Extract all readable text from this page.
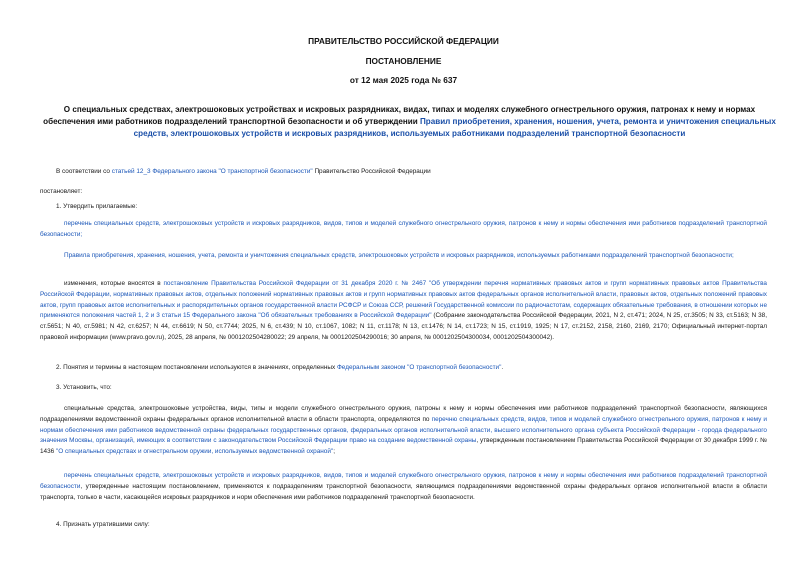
ПРАВИТЕЛЬСТВО РОССИЙСКОЙ ФЕДЕРАЦИИ
ПОСТАНОВЛЕНИЕ
от 12 мая 2025 года № 637
О специальных средствах, электрошоковых устройствах и искровых разрядниках, видах, типах и моделях служебного огнестрельного оружия, патронах к нему и нормах обеспечения ими работников подразделений транспортной безопасности и об утверждении Правил приобретения, хранения, ношения, учета, ремонта и уничтожения специальных средств, электрошоковых устройств и искровых разрядников, используемых работниками подразделений транспортной безопасности
В соответствии со статьей 12_3 Федерального закона "О транспортной безопасности" Правительство Российской Федерации
постановляет:
1. Утвердить прилагаемые:
перечень специальных средств, электрошоковых устройств и искровых разрядников, видов, типов и моделей служебного огнестрельного оружия, патронов к нему и нормы обеспечения ими работников подразделений транспортной безопасности;
Правила приобретения, хранения, ношения, учета, ремонта и уничтожения специальных средств, электрошоковых устройств и искровых разрядников, используемых работниками подразделений транспортной безопасности;
изменения, которые вносятся в постановление Правительства Российской Федерации от 31 декабря 2020 г. № 2467 "Об утверждении перечня нормативных правовых актов и групп нормативных правовых актов Правительства Российской Федерации, нормативных правовых актов, отдельных положений нормативных правовых актов и групп нормативных правовых актов федеральных органов исполнительной власти, правовых актов, отдельных положений правовых актов, групп правовых актов исполнительных и распорядительных органов государственной власти РСФСР и Союза ССР, решений Государственной комиссии по радиочастотам, содержащих обязательные требования, в отношении которых не применяются положения частей 1, 2 и 3 статьи 15 Федерального закона "Об обязательных требованиях в Российской Федерации" (Собрание законодательства Российской Федерации, 2021, N 2, ст.471; 2024, N 25, ст.3505; N 33, ст.5163; N 38, ст.5651; N 40, ст.5981; N 42, ст.6257; N 44, ст.6619; N 50, ст.7744; 2025, N 6, ст.439; N 10, ст.1067, 1082; N 11, ст.1178; N 13, ст.1476; N 14, ст.1723; N 15, ст.1919, 1925; N 17, ст.2152, 2158, 2160, 2169, 2170; Официальный интернет-портал правовой информации (www.pravo.gov.ru), 2025, 28 апреля, № 0001202504280022; 29 апреля, № 0001202504290016; 30 апреля, № 0001202504300034, 0001202504300042).
2. Понятия и термины в настоящем постановлении используются в значениях, определенных Федеральным законом "О транспортной безопасности".
3. Установить, что:
специальные средства, электрошоковые устройства, виды, типы и модели служебного огнестрельного оружия, патроны к нему и нормы обеспечения ими работников подразделений транспортной безопасности, являющихся подразделениями ведомственной охраны федеральных органов исполнительной власти в области транспорта, определяются по перечню специальных средств, видов, типов и моделей служебного огнестрельного оружия, патронов к нему и нормам обеспечения ими работников ведомственной охраны федеральных государственных органов, федеральных органов исполнительной власти, высшего исполнительного органа субъекта Российской Федерации - города федерального значения Москвы, организаций, имеющих в соответствии с законодательством Российской Федерации право на создание ведомственной охраны, утвержденным постановлением Правительства Российской Федерации от 30 декабря 1999 г. № 1436 "О специальных средствах и огнестрельном оружии, используемых ведомственной охраной";
перечень специальных средств, электрошоковых устройств и искровых разрядников, видов, типов и моделей служебного огнестрельного оружия, патронов к нему и нормы обеспечения ими работников подразделений транспортной безопасности, утвержденные настоящим постановлением, применяются к подразделениям транспортной безопасности, являющимся подразделениями ведомственной охраны федеральных органов исполнительной власти в области транспорта, только в части, касающейся искровых разрядников и норм обеспечения ими работников подразделений транспортной безопасности.
4. Признать утратившими силу:
